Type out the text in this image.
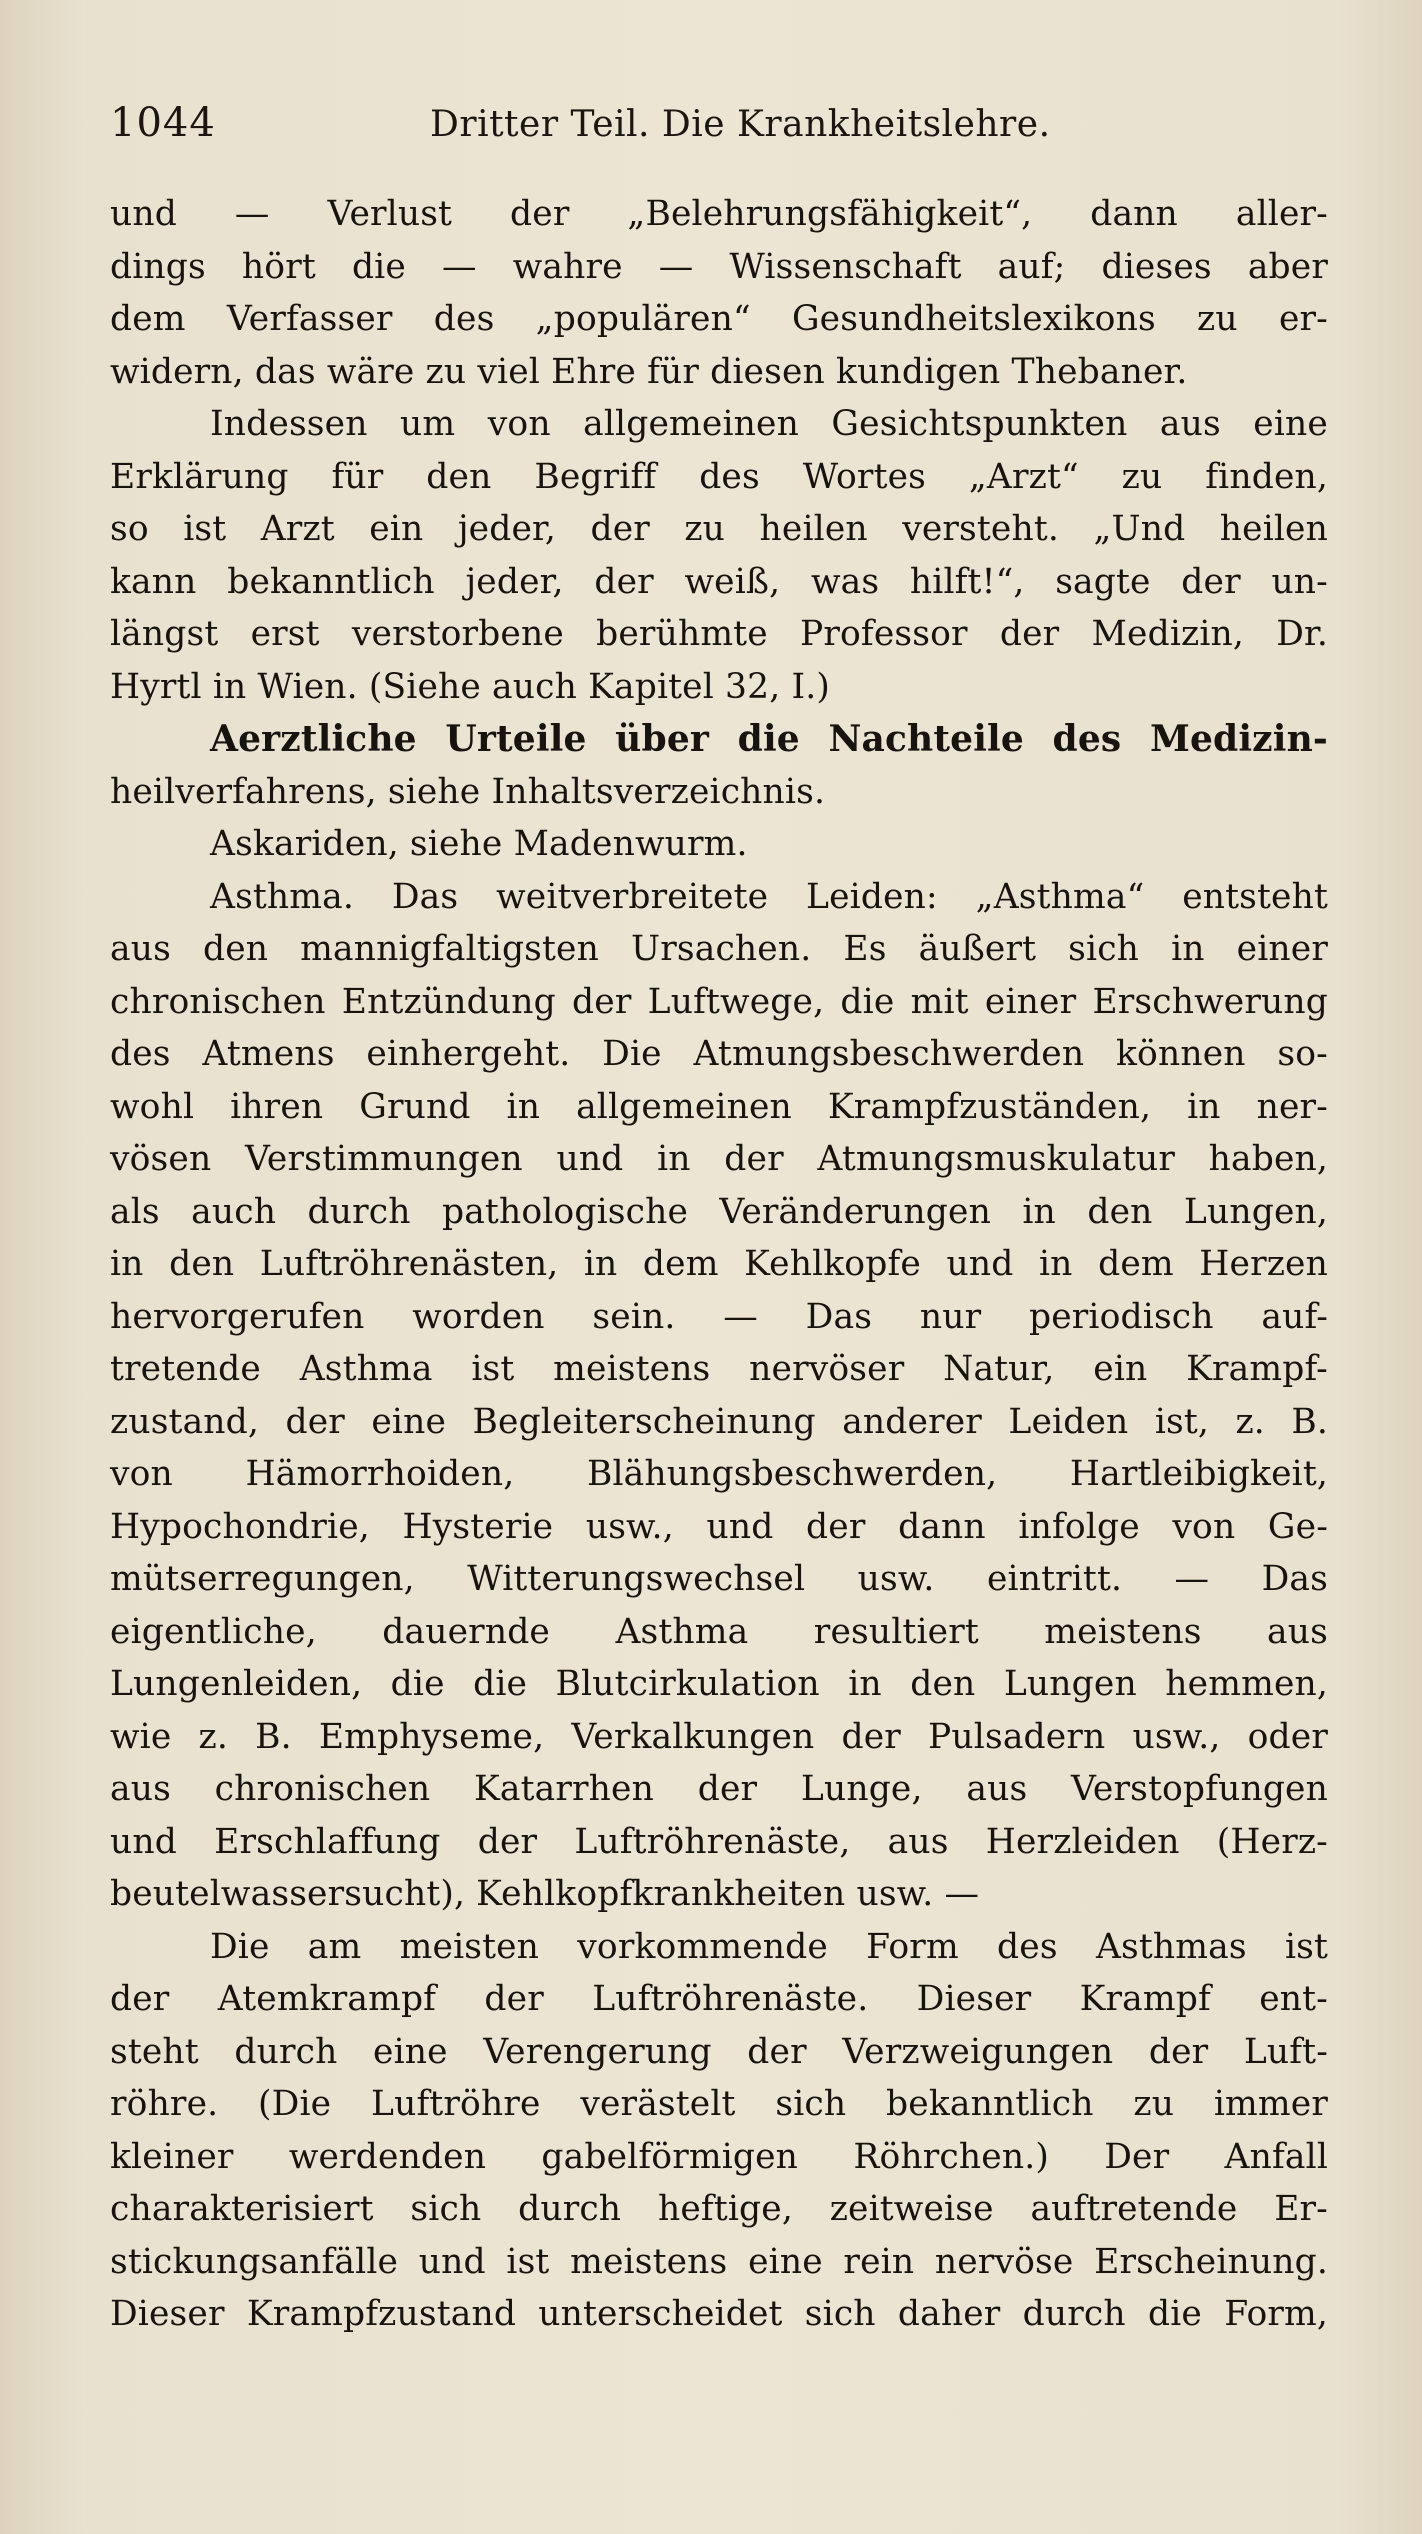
1044	Dritter Teil. Die Krankheitslehre.
und — Verlust der „Belehrungsfähigkeit“, dann aller-
dings hört die — wahre — Wissenschaft auf; dieses aber
dem Verfasser des „populären“ Gesundheitslexikons zu er-
widern, das wäre zu viel Ehre für diesen kundigen Thebaner.
Indessen um von allgemeinen Gesichtspunkten aus eine
Erklärung für den Begriff des Wortes „Arzt“ zu finden,
so ist Arzt ein jeder, der zu heilen versteht. „Und heilen
kann bekanntlich jeder, der weiß, was hilft!“, sagte der un-
längst erst verstorbene berühmte Professor der Medizin, Dr.
Hyrtl in Wien. (Siehe auch Kapitel 32, I.)
Aerztliche Urteile über die Nachteile des Medizin-
heilverfahrens, siehe Inhaltsverzeichnis.
Askariden, siehe Madenwurm.
Asthma. Das weitverbreitete Leiden: „Asthma“ entsteht
aus den mannigfaltigsten Ursachen. Es äußert sich in einer
chronischen Entzündung der Luftwege, die mit einer Erschwerung
des Atmens einhergeht. Die Atmungsbeschwerden können so-
wohl ihren Grund in allgemeinen Krampfzuständen, in ner-
vösen Verstimmungen und in der Atmungsmuskulatur haben,
als auch durch pathologische Veränderungen in den Lungen,
in den Luftröhrenästen, in dem Kehlkopfe und in dem Herzen
hervorgerufen worden sein. — Das nur periodisch auf-
tretende Asthma ist meistens nervöser Natur, ein Krampf-
zustand, der eine Begleiterscheinung anderer Leiden ist, z. B.
von Hämorrhoiden, Blähungsbeschwerden, Hartleibigkeit,
Hypochondrie, Hysterie usw., und der dann infolge von Ge-
mütserregungen, Witterungswechsel usw. eintritt. — Das
eigentliche, dauernde Asthma resultiert meistens aus
Lungenleiden, die die Blutcirkulation in den Lungen hemmen,
wie z. B. Emphyseme, Verkalkungen der Pulsadern usw., oder
aus chronischen Katarrhen der Lunge, aus Verstopfungen
und Erschlaffung der Luftröhrenäste, aus Herzleiden (Herz-
beutelwassersucht), Kehlkopfkrankheiten usw. —
Die am meisten vorkommende Form des Asthmas ist
der Atemkrampf der Luftröhrenäste. Dieser Krampf ent-
steht durch eine Verengerung der Verzweigungen der Luft-
röhre. (Die Luftröhre verästelt sich bekanntlich zu immer
kleiner werdenden gabelförmigen Röhrchen.) Der Anfall
charakterisiert sich durch heftige, zeitweise auftretende Er-
stickungsanfälle und ist meistens eine rein nervöse Erscheinung.
Dieser Krampfzustand unterscheidet sich daher durch die Form,
